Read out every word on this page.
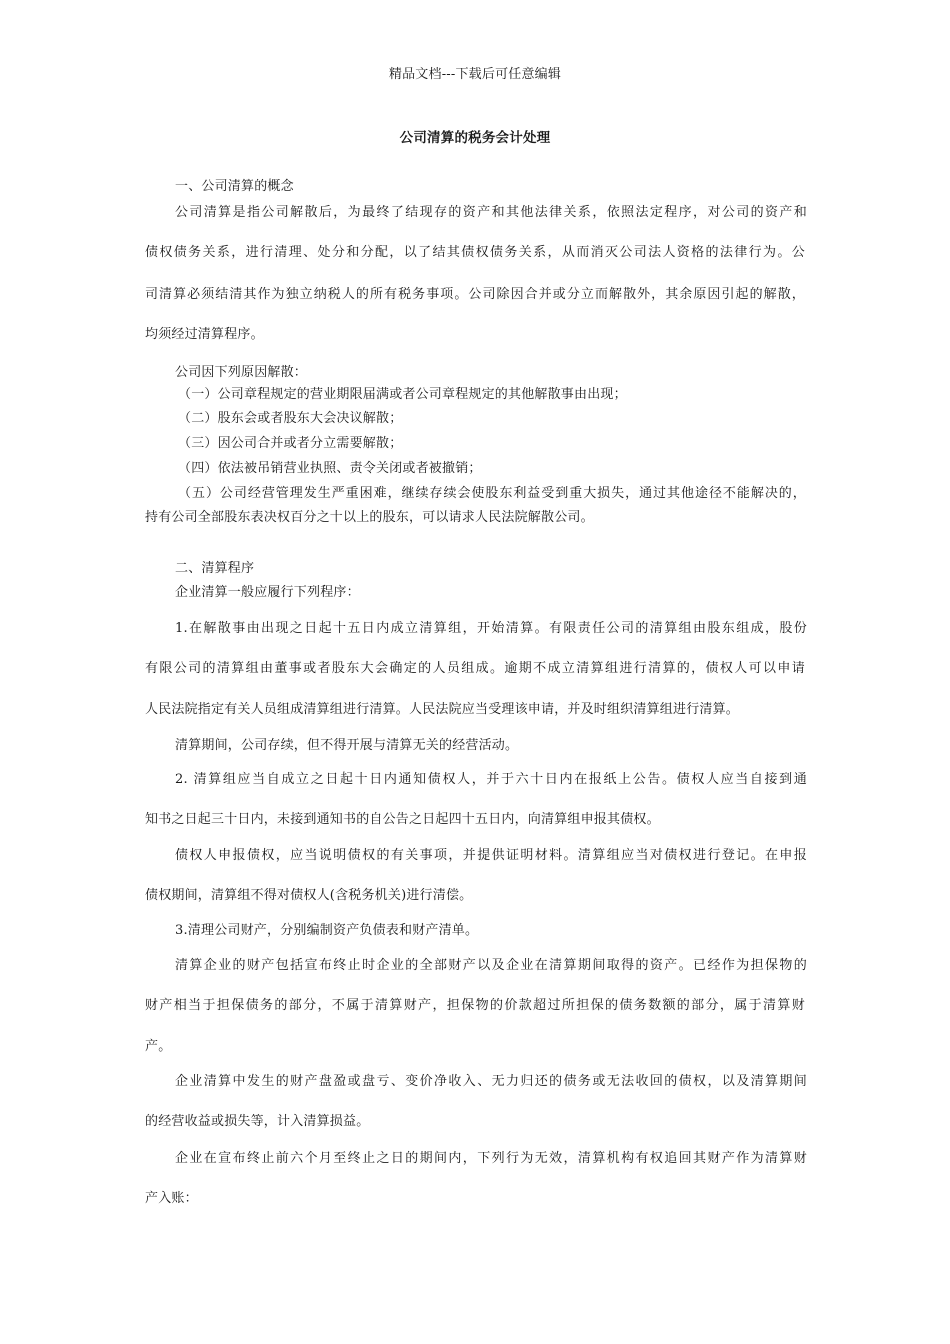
精品文档---下载后可任意编辑
公司清算的税务会计处理
一、公司清算的概念
公司清算是指公司解散后，为最终了结现存的资产和其他法律关系，依照法定程序，对公司的资产和
债权债务关系，进行清理、处分和分配，以了结其债权债务关系，从而消灭公司法人资格的法律行为。公
司清算必须结清其作为独立纳税人的所有税务事项。公司除因合并或分立而解散外，其余原因引起的解散，
均须经过清算程序。
公司因下列原因解散：
（一）公司章程规定的营业期限届满或者公司章程规定的其他解散事由出现；
（二）股东会或者股东大会决议解散；
（三）因公司合并或者分立需要解散；
（四）依法被吊销营业执照、责令关闭或者被撤销；
（五）公司经营管理发生严重困难，继续存续会使股东利益受到重大损失，通过其他途径不能解决的，
持有公司全部股东表决权百分之十以上的股东，可以请求人民法院解散公司。
二、清算程序
企业清算一般应履行下列程序：
1.在解散事由出现之日起十五日内成立清算组，开始清算。有限责任公司的清算组由股东组成，股份
有限公司的清算组由董事或者股东大会确定的人员组成。逾期不成立清算组进行清算的，债权人可以申请
人民法院指定有关人员组成清算组进行清算。人民法院应当受理该申请，并及时组织清算组进行清算。
清算期间，公司存续，但不得开展与清算无关的经营活动。
2. 清算组应当自成立之日起十日内通知债权人，并于六十日内在报纸上公告。债权人应当自接到通
知书之日起三十日内，未接到通知书的自公告之日起四十五日内，向清算组申报其债权。
债权人申报债权，应当说明债权的有关事项，并提供证明材料。清算组应当对债权进行登记。在申报
债权期间，清算组不得对债权人(含税务机关)进行清偿。
3.清理公司财产，分别编制资产负债表和财产清单。
清算企业的财产包括宣布终止时企业的全部财产以及企业在清算期间取得的资产。已经作为担保物的
财产相当于担保债务的部分，不属于清算财产，担保物的价款超过所担保的债务数额的部分，属于清算财
产。
企业清算中发生的财产盘盈或盘亏、变价净收入、无力归还的债务或无法收回的债权，以及清算期间
的经营收益或损失等，计入清算损益。
企业在宣布终止前六个月至终止之日的期间内，下列行为无效，清算机构有权追回其财产作为清算财
产入账：
